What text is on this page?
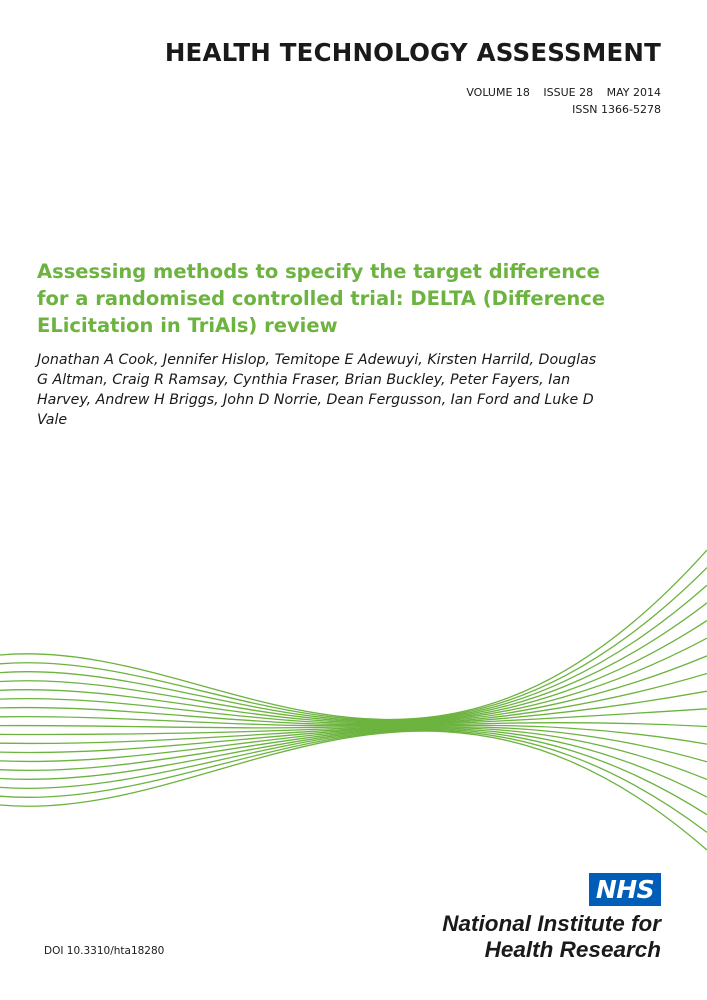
HEALTH TECHNOLOGY ASSESSMENT
VOLUME 18 ISSUE 28 MAY 2014
ISSN 1366-5278
Assessing methods to specify the target difference for a randomised controlled trial: DELTA (Difference ELicitation in TriAls) review

Jonathan A Cook, Jennifer Hislop, Temitope E Adewuyi, Kirsten Harrild, Douglas G Altman, Craig R Ramsay, Cynthia Fraser, Brian Buckley, Peter Fayers, Ian Harvey, Andrew H Briggs, John D Norrie, Dean Fergusson, Ian Ford and Luke D Vale

DOI 10.3310/hta18280
NHS
National Institute for
Health Research
